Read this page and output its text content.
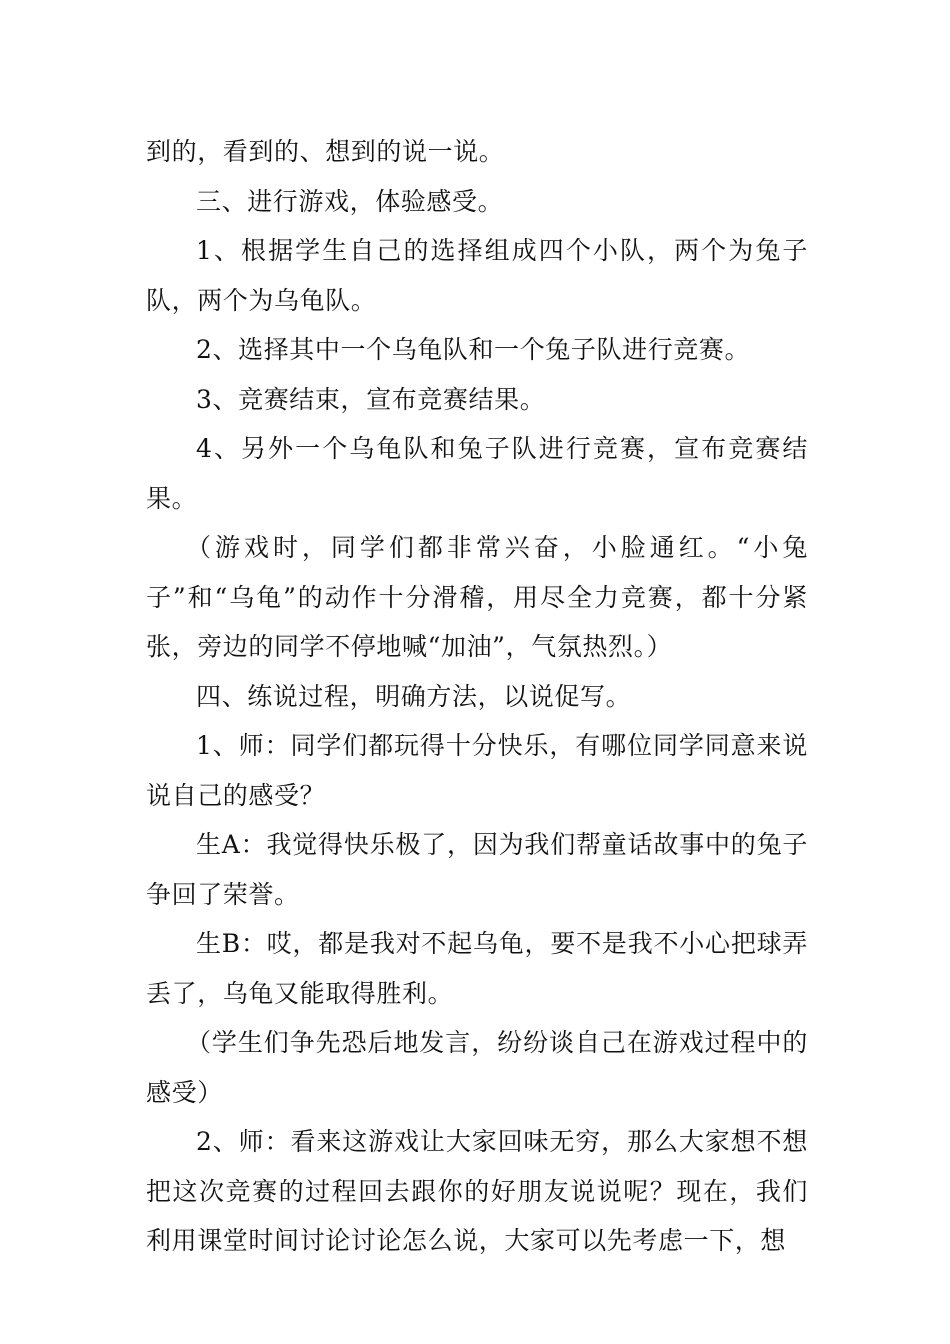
到的，看到的、想到的说一说。

三、进行游戏，体验感受。

1、根据学生自己的选择组成四个小队，两个为兔子队，两个为乌龟队。

2、选择其中一个乌龟队和一个兔子队进行竞赛。

3、竞赛结束，宣布竞赛结果。

4、另外一个乌龟队和兔子队进行竞赛，宣布竞赛结果。

（游戏时，同学们都非常兴奋，小脸通红。“小兔子”和“乌龟”的动作十分滑稽，用尽全力竞赛，都十分紧张，旁边的同学不停地喊“加油”，气氛热烈。）

四、练说过程，明确方法，以说促写。

1、师：同学们都玩得十分快乐，有哪位同学同意来说说自己的感受？

生A：我觉得快乐极了，因为我们帮童话故事中的兔子争回了荣誉。

生B：哎，都是我对不起乌龟，要不是我不小心把球弄丢了，乌龟又能取得胜利。

（学生们争先恐后地发言，纷纷谈自己在游戏过程中的感受）

2、师：看来这游戏让大家回味无穷，那么大家想不想把这次竞赛的过程回去跟你的好朋友说说呢？现在，我们利用课堂时间讨论讨论怎么说，大家可以先考虑一下，想
